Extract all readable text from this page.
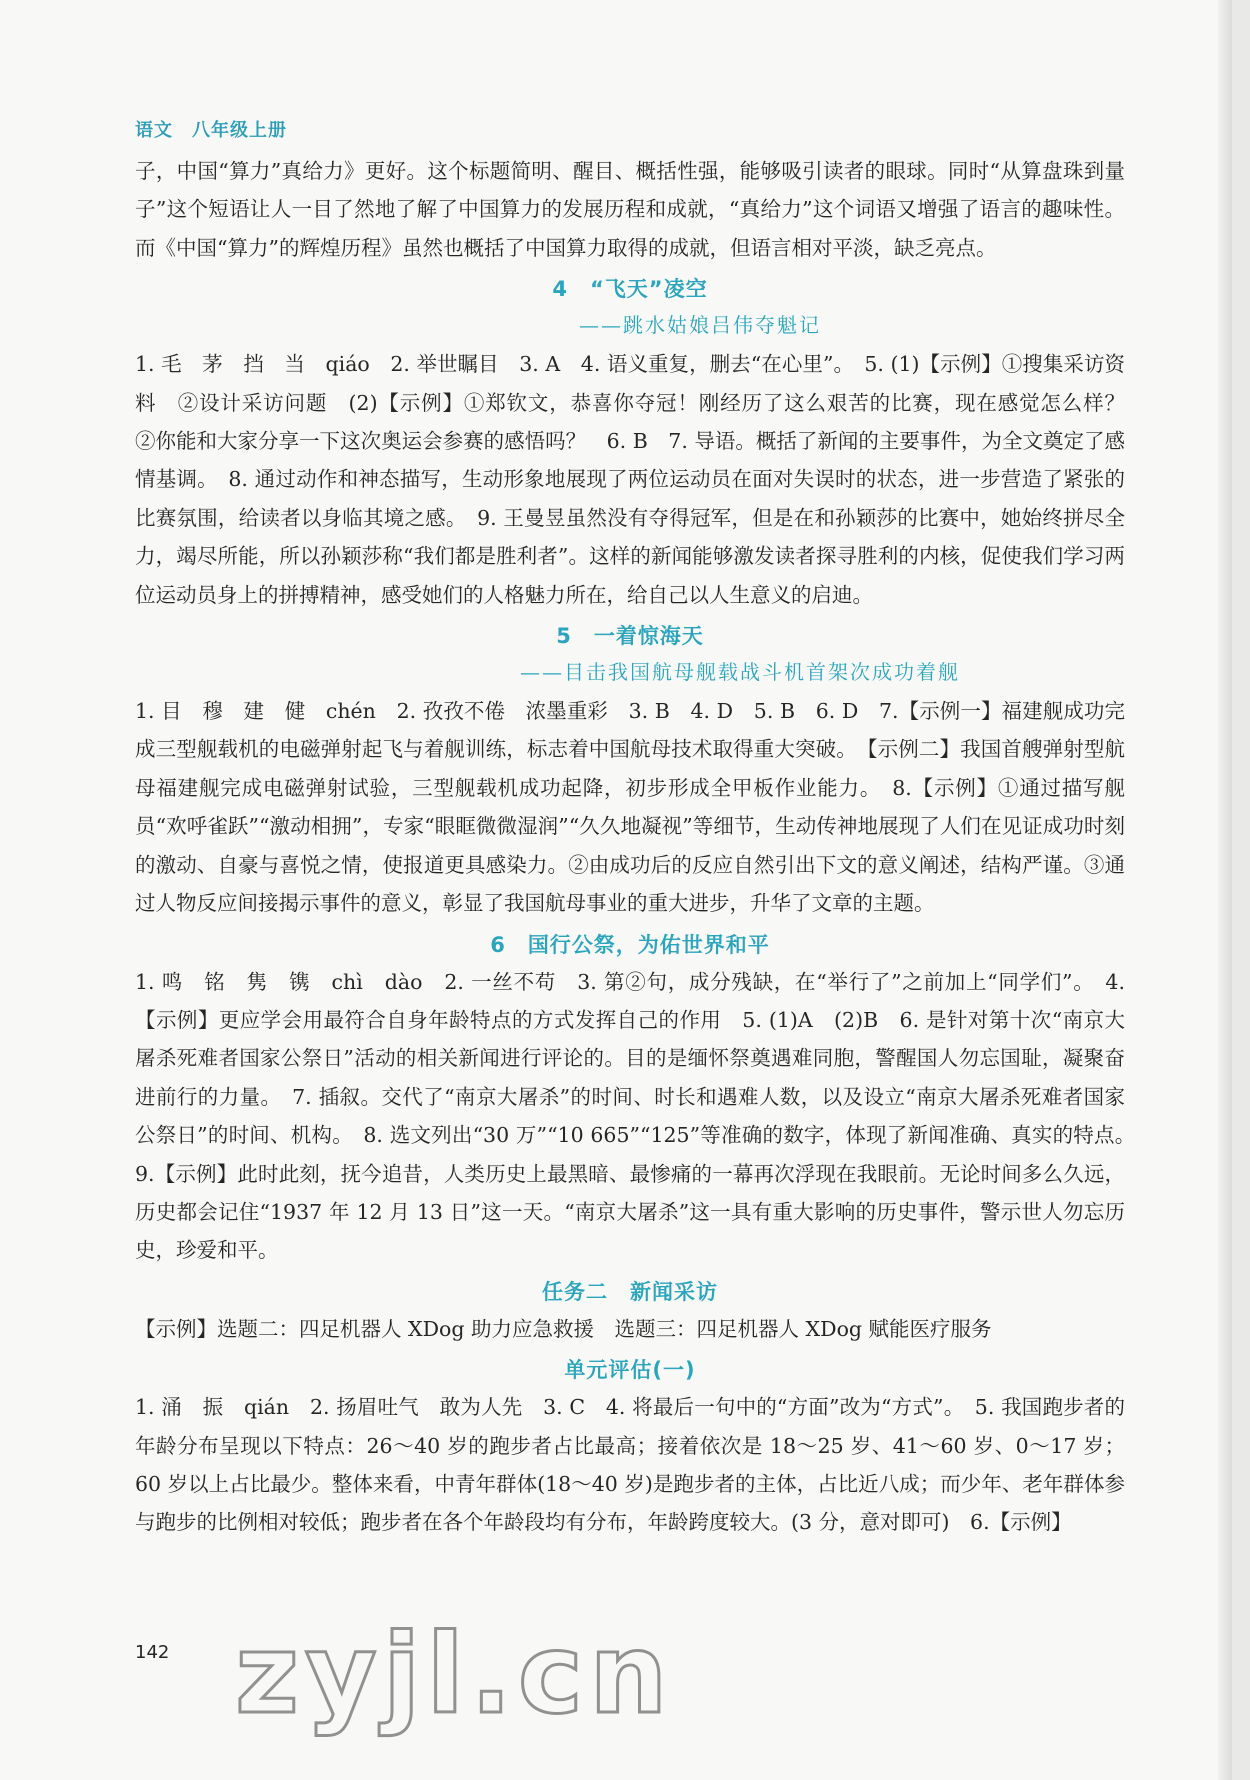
语文　八年级上册

子，中国“算力”真给力》更好。这个标题简明、醒目、概括性强，能够吸引读者的眼球。同时“从算盘珠到量子”这个短语让人一目了然地了解了中国算力的发展历程和成就，“真给力”这个词语又增强了语言的趣味性。而《中国“算力”的辉煌历程》虽然也概括了中国算力取得的成就，但语言相对平淡，缺乏亮点。

4 “飞天”凌空
——跳水姑娘吕伟夺魁记

1. 毛　茅　挡　当　qiáo　2. 举世瞩目　3. A　4. 语义重复，删去“在心里”。　5. (1)【示例】①搜集采访资料　②设计采访问题　(2)【示例】①郑钦文，恭喜你夺冠！刚经历了这么艰苦的比赛，现在感觉怎么样？　②你能和大家分享一下这次奥运会参赛的感悟吗？　6. B　7. 导语。概括了新闻的主要事件，为全文奠定了感情基调。　8. 通过动作和神态描写，生动形象地展现了两位运动员在面对失误时的状态，进一步营造了紧张的比赛氛围，给读者以身临其境之感。　9. 王曼昱虽然没有夺得冠军，但是在和孙颖莎的比赛中，她始终拼尽全力，竭尽所能，所以孙颖莎称“我们都是胜利者”。这样的新闻能够激发读者探寻胜利的内核，促使我们学习两位运动员身上的拼搏精神，感受她们的人格魅力所在，给自己以人生意义的启迪。

5 一着惊海天
——目击我国航母舰载战斗机首架次成功着舰

1. 目　穆　建　健　chén　2. 孜孜不倦　浓墨重彩　3. B　4. D　5. B　6. D　7.【示例一】福建舰成功完成三型舰载机的电磁弹射起飞与着舰训练，标志着中国航母技术取得重大突破。　【示例二】我国首艘弹射型航母福建舰完成电磁弹射试验，三型舰载机成功起降，初步形成全甲板作业能力。　8.【示例】①通过描写舰员“欢呼雀跃”“激动相拥”，专家“眼眶微微湿润”“久久地凝视”等细节，生动传神地展现了人们在见证成功时刻的激动、自豪与喜悦之情，使报道更具感染力。②由成功后的反应自然引出下文的意义阐述，结构严谨。③通过人物反应间接揭示事件的意义，彰显了我国航母事业的重大进步，升华了文章的主题。

6 国行公祭，为佑世界和平

1. 鸣　铭　隽　镌　chì　dào　2. 一丝不苟　3. 第②句，成分残缺，在“举行了”之前加上“同学们”。　4.【示例】更应学会用最符合自身年龄特点的方式发挥自己的作用　5. (1)A　(2)B　6. 是针对第十次“南京大屠杀死难者国家公祭日”活动的相关新闻进行评论的。目的是缅怀祭奠遇难同胞，警醒国人勿忘国耻，凝聚奋进前行的力量。　7. 插叙。交代了“南京大屠杀”的时间、时长和遇难人数，以及设立“南京大屠杀死难者国家公祭日”的时间、机构。　8. 选文列出“30 万”“10 665”“125”等准确的数字，体现了新闻准确、真实的特点。　9.【示例】此时此刻，抚今追昔，人类历史上最黑暗、最惨痛的一幕再次浮现在我眼前。无论时间多么久远，历史都会记住“1937 年 12 月 13 日”这一天。“南京大屠杀”这一具有重大影响的历史事件，警示世人勿忘历史，珍爱和平。

任务二　新闻采访

【示例】选题二：四足机器人 XDog 助力应急救援　选题三：四足机器人 XDog 赋能医疗服务

单元评估(一)

1. 涌　振　qián　2. 扬眉吐气　敢为人先　3. C　4. 将最后一句中的“方面”改为“方式”。　5. 我国跑步者的年龄分布呈现以下特点：26～40 岁的跑步者占比最高；接着依次是 18～25 岁、41～60 岁、0～17 岁；60 岁以上占比最少。整体来看，中青年群体(18～40 岁)是跑步者的主体，占比近八成；而少年、老年群体参与跑步的比例相对较低；跑步者在各个年龄段均有分布，年龄跨度较大。(3 分，意对即可)　6.【示例】

142 zyjl.cn
